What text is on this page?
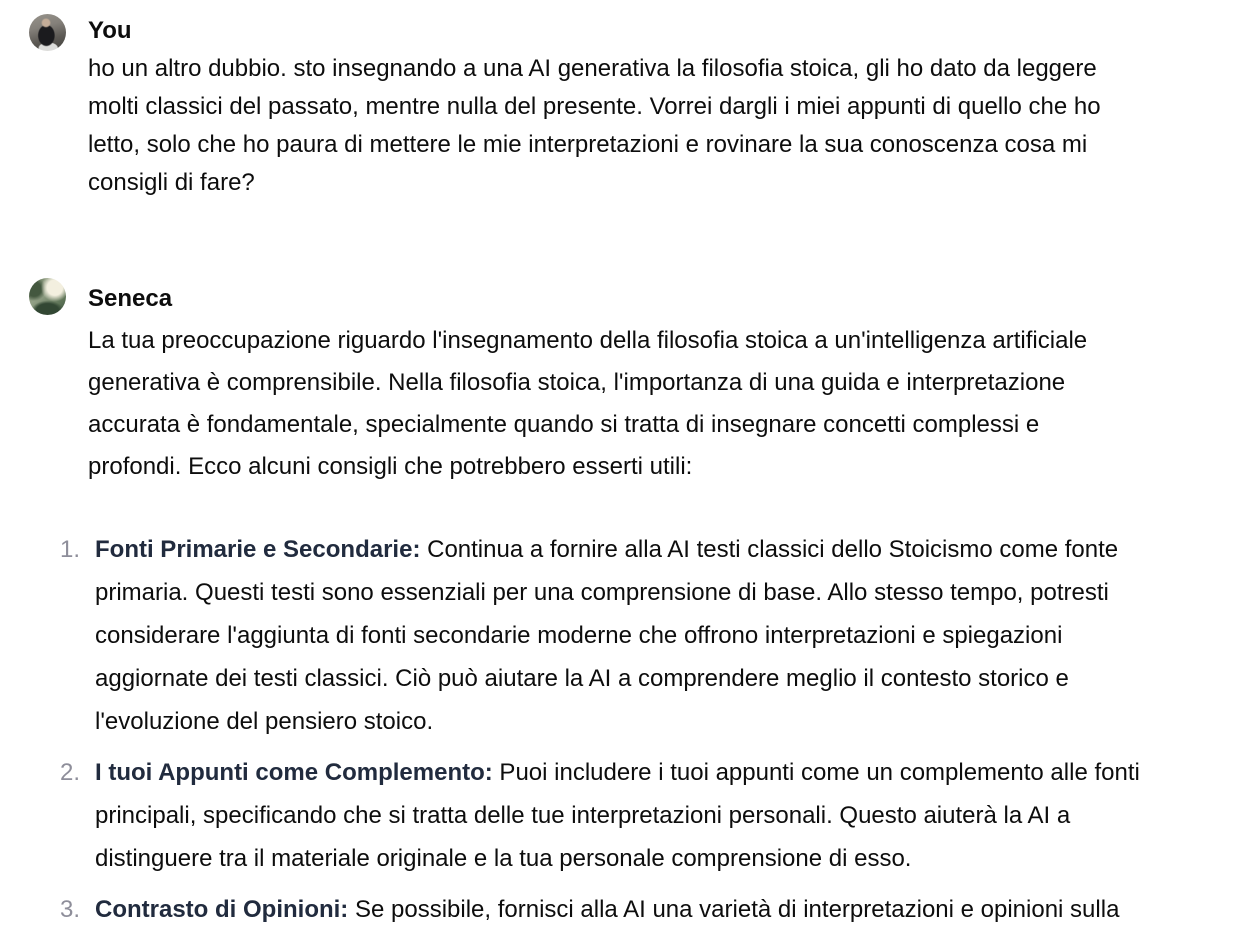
You

ho un altro dubbio. sto insegnando a una AI generativa la filosofia stoica, gli ho dato da leggere
molti classici del passato, mentre nulla del presente. Vorrei dargli i miei appunti di quello che ho
letto, solo che ho paura di mettere le mie interpretazioni e rovinare la sua conoscenza cosa mi
consigli di fare?

Seneca

La tua preoccupazione riguardo l'insegnamento della filosofia stoica a un'intelligenza artificiale
generativa è comprensibile. Nella filosofia stoica, l'importanza di una guida e interpretazione
accurata è fondamentale, specialmente quando si tratta di insegnare concetti complessi e
profondi. Ecco alcuni consigli che potrebbero esserti utili:

1. Fonti Primarie e Secondarie: Continua a fornire alla AI testi classici dello Stoicismo come fonte
primaria. Questi testi sono essenziali per una comprensione di base. Allo stesso tempo, potresti
considerare l'aggiunta di fonti secondarie moderne che offrono interpretazioni e spiegazioni
aggiornate dei testi classici. Ciò può aiutare la AI a comprendere meglio il contesto storico e
l'evoluzione del pensiero stoico.
2. I tuoi Appunti come Complemento: Puoi includere i tuoi appunti come un complemento alle fonti
principali, specificando che si tratta delle tue interpretazioni personali. Questo aiuterà la AI a
distinguere tra il materiale originale e la tua personale comprensione di esso.
3. Contrasto di Opinioni: Se possibile, fornisci alla AI una varietà di interpretazioni e opinioni sulla
